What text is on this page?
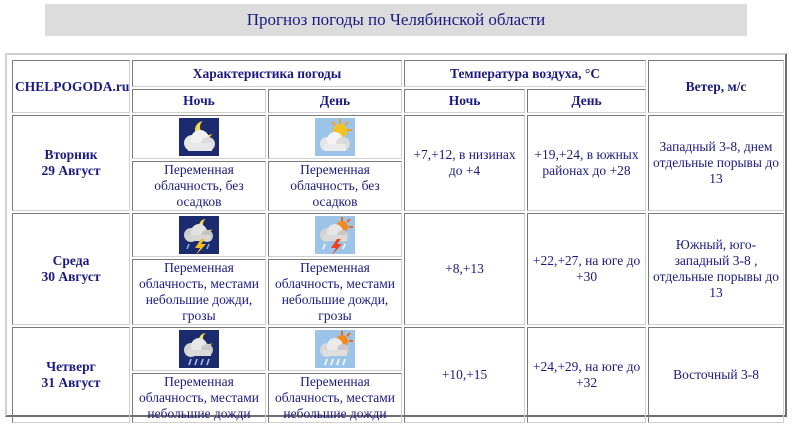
Прогноз погоды по Челябинской области
CHELPOGODA.ru	Характеристика погоды		Температура воздуха, °С		Ветер, м/с
	Ночь	День	Ночь	День	

Вторник
29 Август			+7,+12, в низинах до +4	+19,+24, в южных районах до +28	Западный 3-8, днем отдельные порывы до 13
	Переменная облачность, без осадков	Переменная облачность, без осадков			

Среда
30 Август			+8,+13	+22,+27, на юге до +30	Южный, юго-западный 3-8 , отдельные порывы до 13
	Переменная облачность, местами небольшие дожди, грозы	Переменная облачность, местами небольшие дожди, грозы			

Четверг
31 Август			+10,+15	+24,+29, на юге до +32	Восточный 3-8
	Переменная облачность, местами небольшие дожди	Переменная облачность, местами небольшие дожди			
